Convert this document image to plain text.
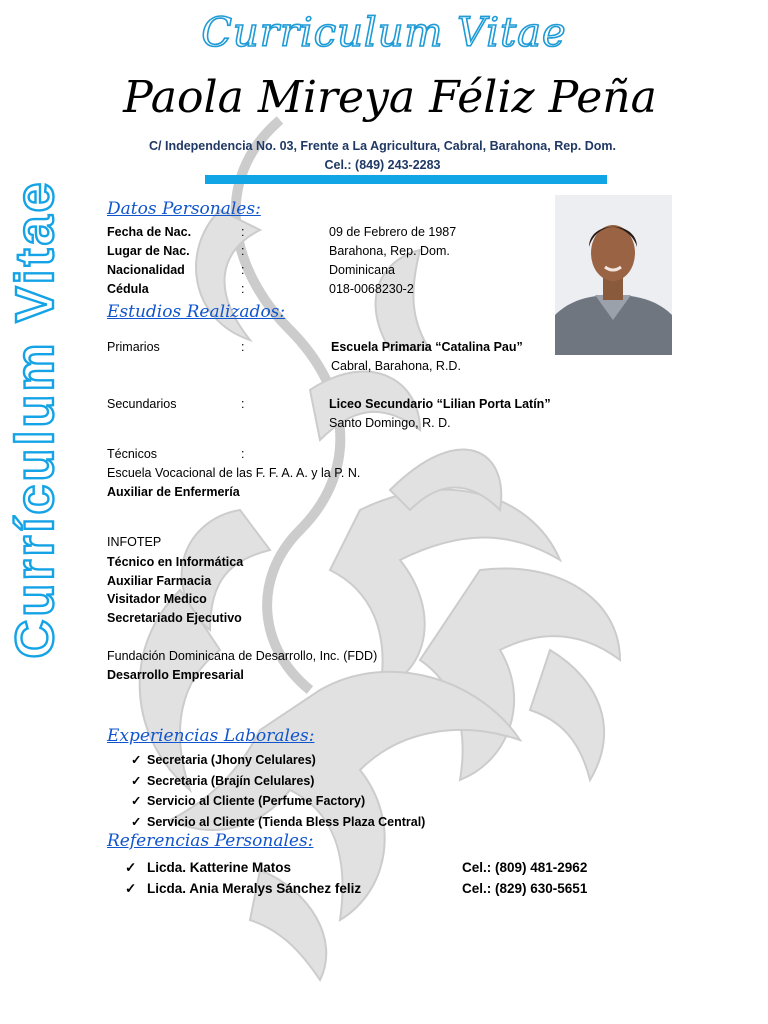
Curriculum Vitae
Currículum Vitae
Paola Mireya Féliz Peña
C/ Independencia No. 03, Frente a La Agricultura, Cabral, Barahona, Rep. Dom.
Cel.: (849) 243-2283
Datos Personales:
Fecha de Nac.	:	09 de Febrero de 1987
Lugar de Nac.	:	Barahona, Rep. Dom.
Nacionalidad	:	Dominicana
Cédula	:	018-0068230-2
Estudios Realizados:
Primarios	:	Escuela Primaria “Catalina Pau”
Cabral, Barahona, R.D.
Secundarios	:	Liceo Secundario “Lilian Porta Latín”
Santo Domingo, R. D.
Técnicos	:
Escuela Vocacional de las F. F. A. A. y la P. N.
Auxiliar de Enfermería
INFOTEP
Técnico en Informática
Auxiliar Farmacia
Visitador Medico
Secretariado Ejecutivo
Fundación Dominicana de Desarrollo, Inc. (FDD)
Desarrollo Empresarial
Experiencias Laborales:
✓ Secretaria (Jhony Celulares)
✓ Secretaria (Brajín Celulares)
✓ Servicio al Cliente (Perfume Factory)
✓ Servicio al Cliente (Tienda Bless Plaza Central)
Referencias Personales:
✓ Licda. Katterine Matos	Cel.: (809) 481-2962
✓ Licda. Ania Meralys Sánchez feliz	Cel.: (829) 630-5651
